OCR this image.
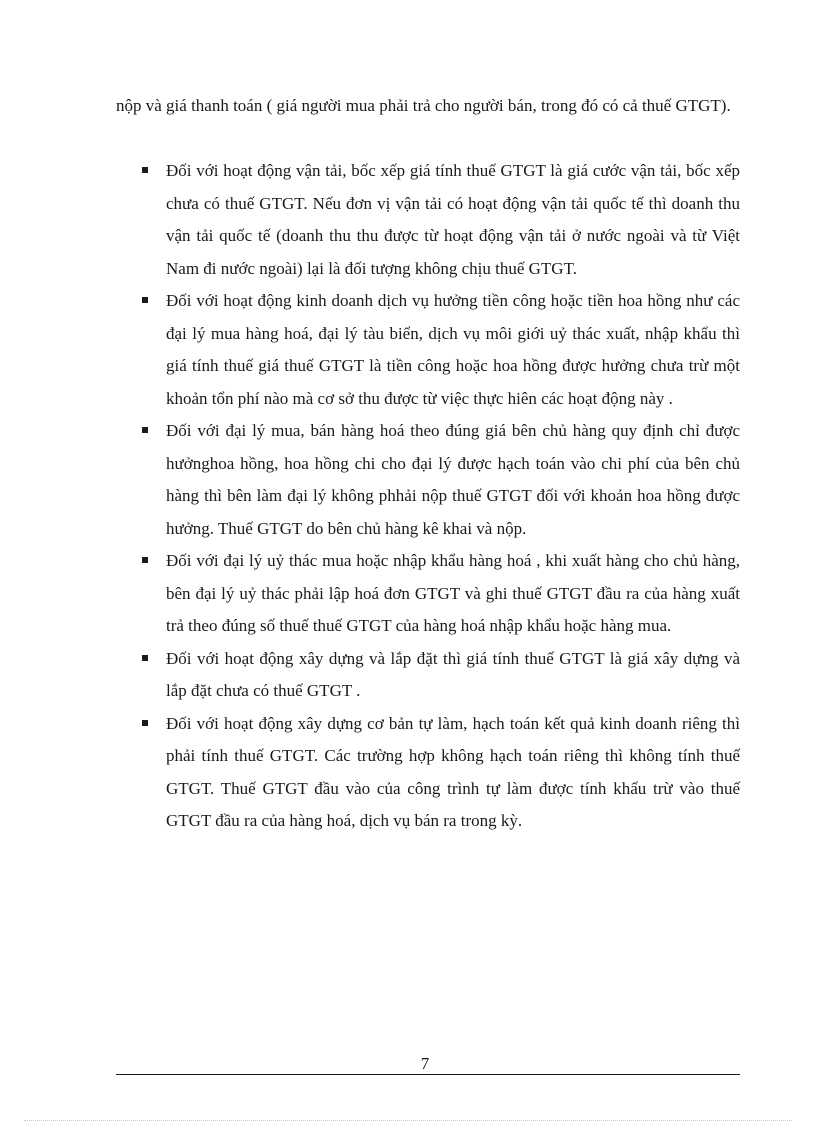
nộp và giá thanh toán ( giá người mua phải trả cho người bán, trong đó có cả thuế GTGT).

Đối với hoạt động vận tải, bốc xếp giá tính thuế GTGT là giá cước vận tải, bốc xếp chưa có thuế GTGT. Nếu đơn vị vận tải có hoạt động vận tải quốc tế thì doanh thu vận tải quốc tế (doanh thu thu được từ hoạt động vận tải ở nước ngoài và từ Việt Nam đi nước ngoài) lại là đối tượng không chịu thuế GTGT.
Đối với hoạt động kinh doanh dịch vụ hưởng tiền công hoặc tiền hoa hồng như các đại lý mua hàng hoá, đại lý tàu biển, dịch vụ môi giới uỷ thác xuất, nhập khẩu thì giá tính thuế giá thuế GTGT là tiền công hoặc hoa hồng được hưởng chưa trừ một khoản tổn phí nào mà cơ sở thu được từ việc thực hiên các hoạt động này .
Đối với đại lý mua, bán hàng hoá theo đúng giá bên chủ hàng quy định chỉ được hưởnghoa hồng, hoa hồng chi cho đại lý được hạch toán vào chi phí của bên chủ hàng thì bên làm đại lý không phhải nộp thuế GTGT đối với khoản hoa hồng được hưởng. Thuế GTGT do bên chủ hàng kê khai và nộp.
Đối với đại lý uỷ thác mua hoặc nhập khẩu hàng hoá , khi xuất hàng cho chủ hàng, bên đại lý uỷ thác phải lập hoá đơn GTGT và ghi thuế GTGT đầu ra của hàng xuất trả theo đúng số thuế thuế GTGT của hàng hoá nhập khẩu hoặc hàng mua.
Đối với hoạt động xây dựng và lắp đặt thì giá tính thuế GTGT là giá xây dựng và lắp đặt chưa có thuế GTGT .
Đối với hoạt động xây dựng cơ bản tự làm, hạch toán kết quả kinh doanh riêng thì phải tính thuế GTGT. Các trường hợp không hạch toán riêng thì không tính thuế GTGT. Thuế GTGT đầu vào của công trình tự làm được tính khấu trừ vào thuế GTGT đầu ra của hàng hoá, dịch vụ bán ra trong kỳ.

7
